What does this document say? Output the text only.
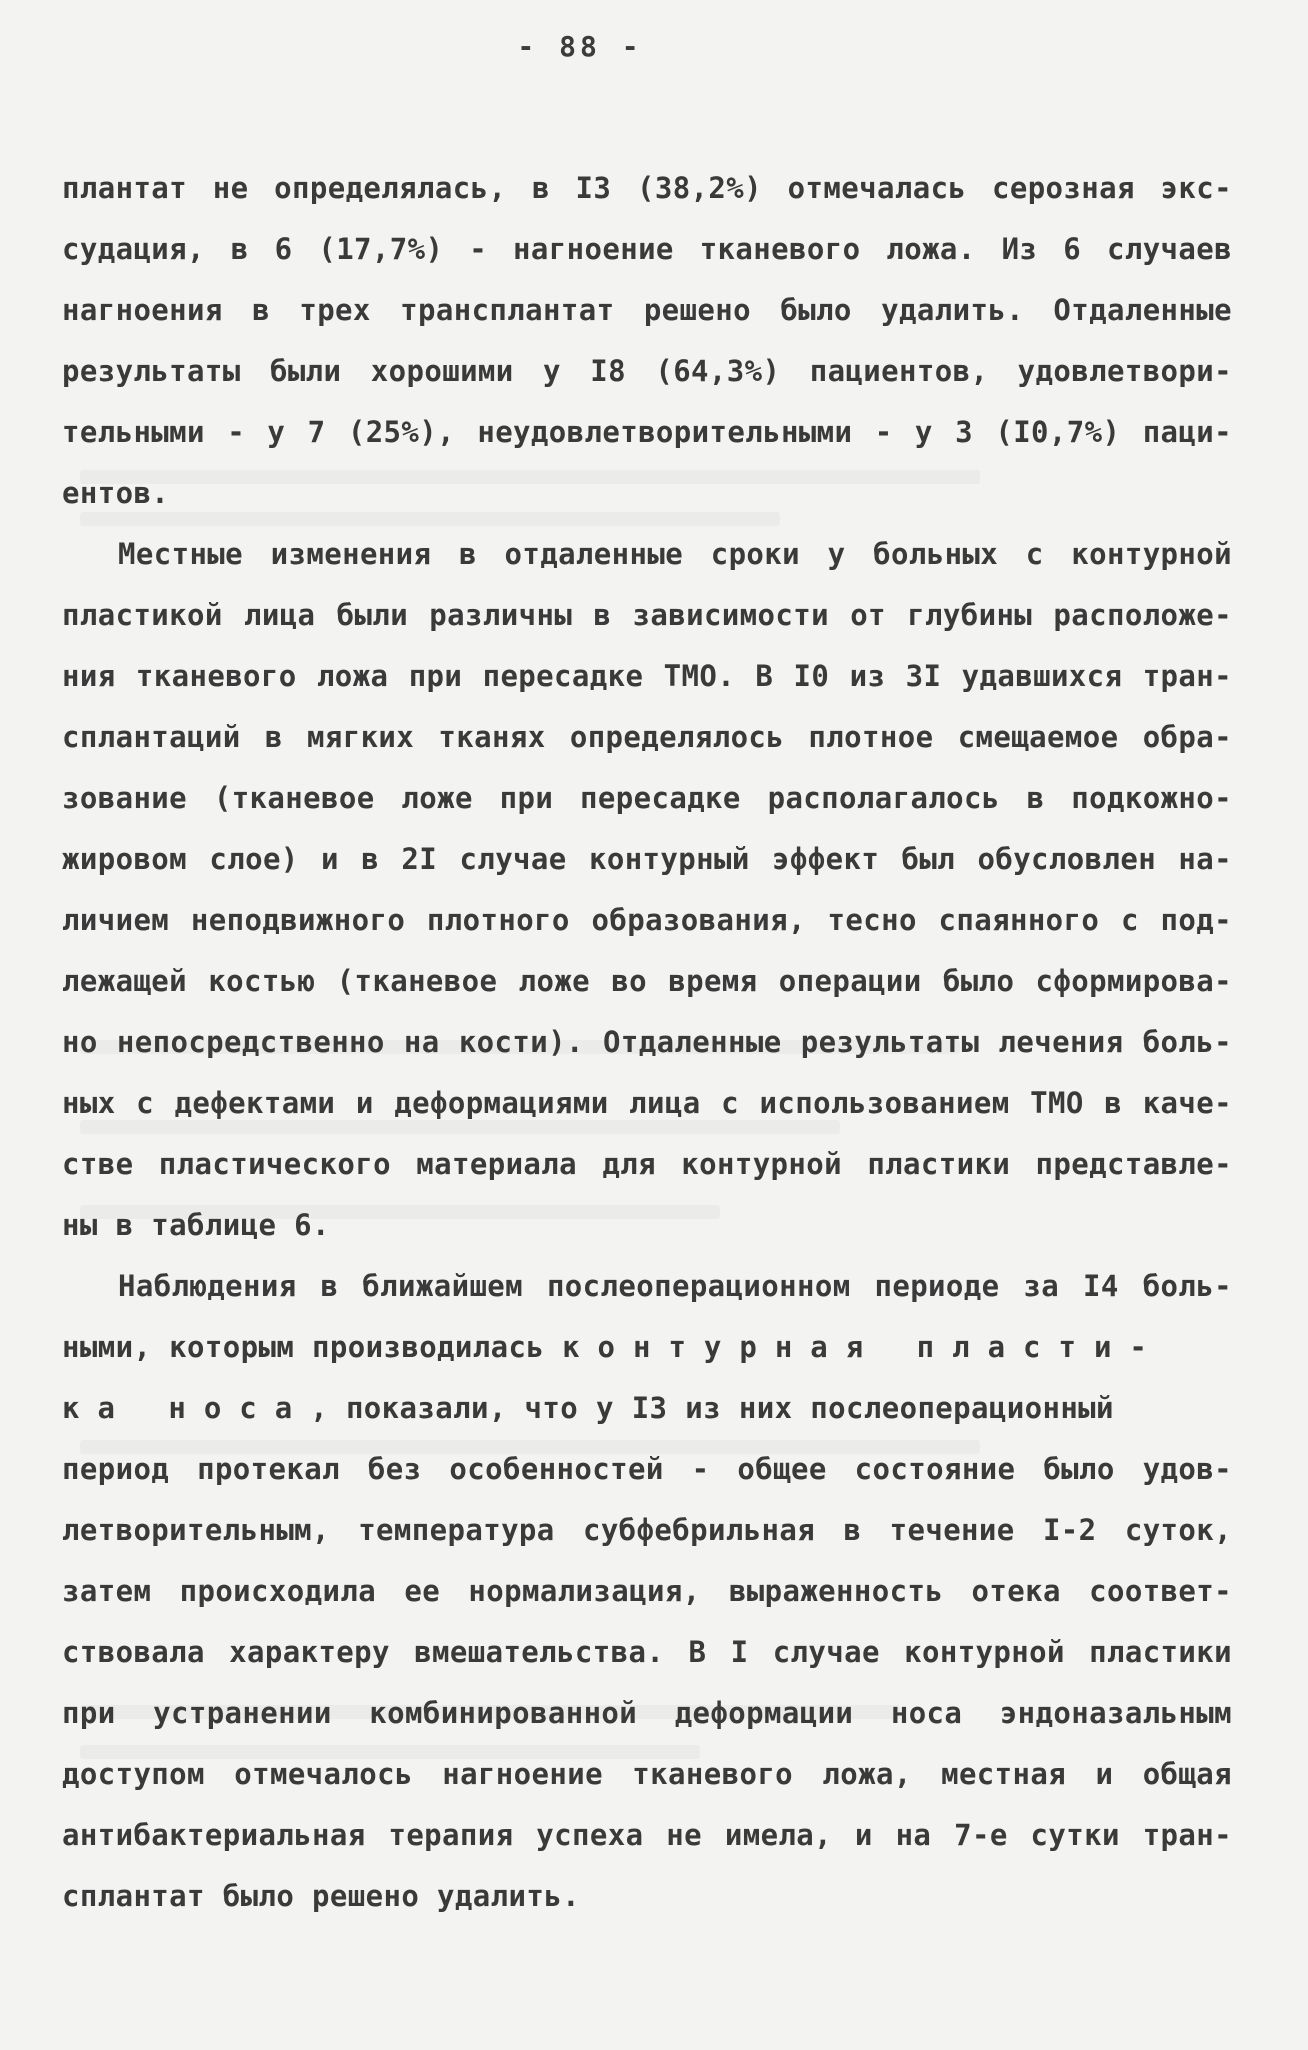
- 88 -
плантат не определялась, в I3 (38,2%) отмечалась серозная экс-
судация, в 6 (17,7%) - нагноение тканевого ложа. Из 6 случаев
нагноения в трех трансплантат решено было удалить. Отдаленные
результаты были хорошими у I8 (64,3%) пациентов, удовлетвори-
тельными - у 7 (25%), неудовлетворительными - у 3 (I0,7%) паци-
ентов.
Местные изменения в отдаленные сроки у больных с контурной
пластикой лица были различны в зависимости от глубины расположе-
ния тканевого ложа при пересадке ТМО. В I0 из 3I удавшихся тран-
сплантаций в мягких тканях определялось плотное смещаемое обра-
зование (тканевое ложе при пересадке располагалось в подкожно-
жировом слое) и в 2I случае контурный эффект был обусловлен на-
личием неподвижного плотного образования, тесно спаянного с под-
лежащей костью (тканевое ложе во время операции было сформирова-
но непосредственно на кости). Отдаленные результаты лечения боль-
ных с дефектами и деформациями лица с использованием ТМО в каче-
стве пластического материала для контурной пластики представле-
ны в таблице 6.
Наблюдения в ближайшем послеоперационном периоде за I4 боль-
ными, которым производилась контурная пласти-
ка носа, показали, что у I3 из них послеоперационный
период протекал без особенностей - общее состояние было удов-
летворительным, температура субфебрильная в течение I-2 суток,
затем происходила ее нормализация, выраженность отека соответ-
ствовала характеру вмешательства. В I случае контурной пластики
при устранении комбинированной деформации носа эндоназальным
доступом отмечалось нагноение тканевого ложа, местная и общая
антибактериальная терапия успеха не имела, и на 7-е сутки тран-
сплантат было решено удалить.
